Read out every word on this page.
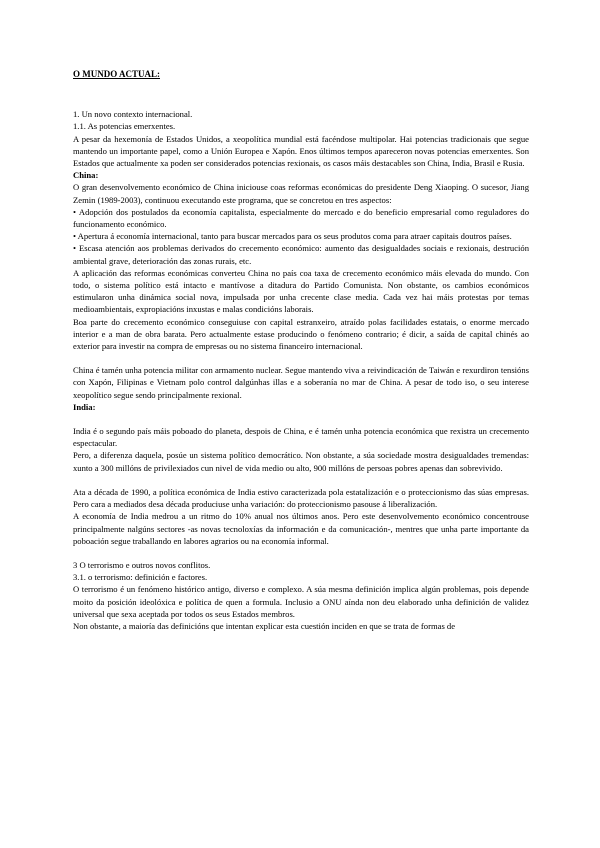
O MUNDO ACTUAL:
1. Un novo contexto internacional.
1.1. As potencias emerxentes.
A pesar da hexemonía de Estados Unidos, a xeopolítica mundial está facéndose multipolar. Hai potencias tradicionais que segue mantendo un importante papel, como a Unión Europea e Xapón. Enos últimos tempos apareceron novas potencias emerxentes. Son Estados que actualmente xa poden ser considerados potencias rexionais, os casos máis destacables son China, India, Brasil e Rusia.
China:
O gran desenvolvemento económico de China iniciouse coas reformas económicas do presidente Deng Xiaoping. O sucesor, Jiang Zemin (1989-2003), continuou executando este programa, que se concretou en tres aspectos:
• Adopción dos postulados da economía capitalista, especialmente do mercado e do beneficio empresarial como reguladores do funcionamento económico.
• Apertura á economía internacional, tanto para buscar mercados para os seus produtos coma para atraer capitais doutros países.
• Escasa atención aos problemas derivados do crecemento económico: aumento das desigualdades sociais e rexionais, destrución ambiental grave, deterioración das zonas rurais, etc.
A aplicación das reformas económicas converteu China no país coa taxa de crecemento económico máis elevada do mundo. Con todo, o sistema político está intacto e mantívose a ditadura do Partido Comunista. Non obstante, os cambios económicos estimularon unha dinámica social nova, impulsada por unha crecente clase media. Cada vez hai máis protestas por temas medioambientais, expropiacións inxustas e malas condicións laborais.
Boa parte do crecemento económico conseguiuse con capital estranxeiro, atraído polas facilidades estatais, o enorme mercado interior e a man de obra barata. Pero actualmente estase producindo o fenómeno contrario; é dicir, a saída de capital chinés ao exterior para investir na compra de empresas ou no sistema financeiro internacional.
China é tamén unha potencia militar con armamento nuclear. Segue mantendo viva a reivindicación de Taiwán e rexurdiron tensións con Xapón, Filipinas e Vietnam polo control dalgúnhas illas e a soberanía no mar de China. A pesar de todo iso, o seu interese xeopolítico segue sendo principalmente rexional.
India:
India é o segundo país máis poboado do planeta, despois de China, e é tamén unha potencia económica que rexistra un crecemento espectacular.
Pero, a diferenza daquela, posúe un sistema político democrático. Non obstante, a súa sociedade mostra desigualdades tremendas: xunto a 300 millóns de privilexiados cun nivel de vida medio ou alto, 900 millóns de persoas pobres apenas dan sobrevivido.
Ata a década de 1990, a política económica de India estivo caracterizada pola estatalización e o proteccionismo das súas empresas. Pero cara a mediados desa década produciuse unha variación: do proteccionismo pasouse á liberalización.
A economía de India medrou a un ritmo do 10% anual nos últimos anos. Pero este desenvolvemento económico concentrouse principalmente nalgúns sectores -as novas tecnoloxías da información e da comunicación-, mentres que unha parte importante da poboación segue traballando en labores agrarios ou na economía informal.
3 O terrorismo e outros novos conflitos.
3.1. o terrorismo: definición e factores.
O terrorismo é un fenómeno histórico antigo, diverso e complexo. A súa mesma definición implica algún problemas, pois depende moito da posición ideolóxica e política de quen a formula. Inclusio a ONU aínda non deu elaborado unha definición de validez universal que sexa aceptada por todos os seus Estados membros.
Non obstante, a maioría das definicións que intentan explicar esta cuestión inciden en que se trata de formas de
